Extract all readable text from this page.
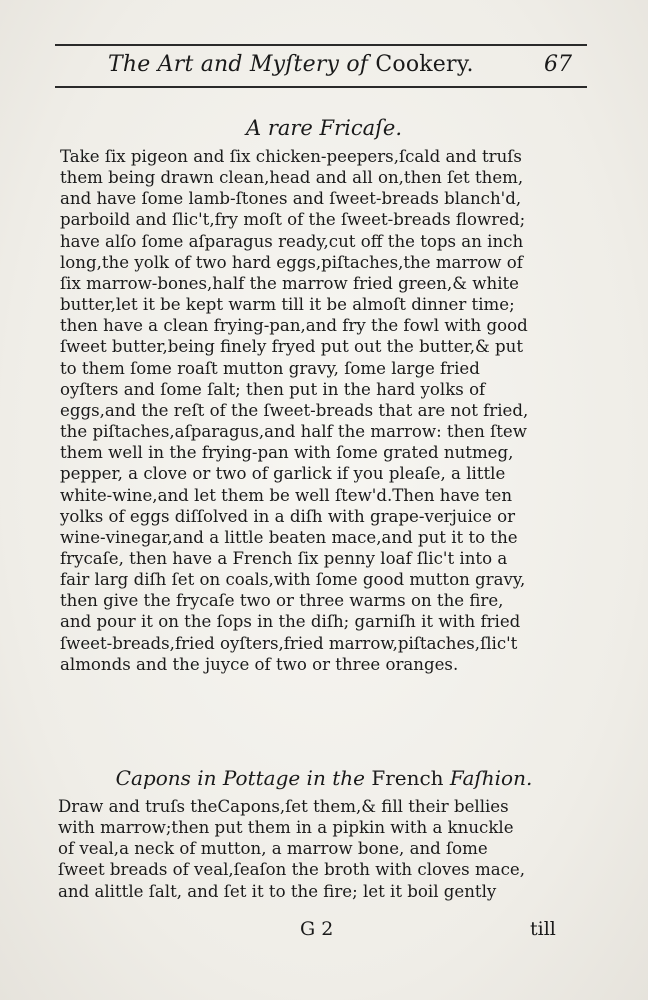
The Art and Myſtery of Cookery.	67
A rare Fricaſe.
Take ſix pigeon and ſix chicken-peepers,ſcald and truſs
them being drawn clean,head and all on,then ſet them,
and have ſome lamb-ſtones and ſweet-breads blanch'd,
parboild and ſlic't,fry moſt of the ſweet-breads flowred;
have alſo ſome aſparagus ready,cut off the tops an inch
long,the yolk of two hard eggs,piſtaches,the marrow of
ſix marrow-bones,half the marrow fried green,& white
butter,let it be kept warm till it be almoſt dinner time;
then have a clean frying-pan,and fry the fowl with good
ſweet butter,being finely fryed put out the butter,& put
to them ſome roaſt mutton gravy, ſome large fried
oyſters and ſome ſalt; then put in the hard yolks of
eggs,and the reſt of the ſweet-breads that are not fried,
the piſtaches,aſparagus,and half the marrow: then ſtew
them well in the frying-pan with ſome grated nutmeg,
pepper, a clove or two of garlick if you pleaſe, a little
white-wine,and let them be well ſtew'd.Then have ten
yolks of eggs diſſolved in a diſh with grape-verjuice or
wine-vinegar,and a little beaten mace,and put it to the
frycaſe, then have a French ſix penny loaf ſlic't into a
fair larg diſh ſet on coals,with ſome good mutton gravy,
then give the frycaſe two or three warms on the fire,
and pour it on the ſops in the diſh; garniſh it with fried
ſweet-breads,fried oyſters,fried marrow,piſtaches,ſlic't
almonds and the juyce of two or three oranges.
Capons in Pottage in the French Faſhion.
Draw and truſs theCapons,ſet them,& fill their bellies
with marrow;then put them in a pipkin with a knuckle
of veal,a neck of mutton, a marrow bone, and ſome
ſweet breads of veal,ſeaſon the broth with cloves mace,
and alittle ſalt, and ſet it to the fire; let it boil gently
G 2	till
